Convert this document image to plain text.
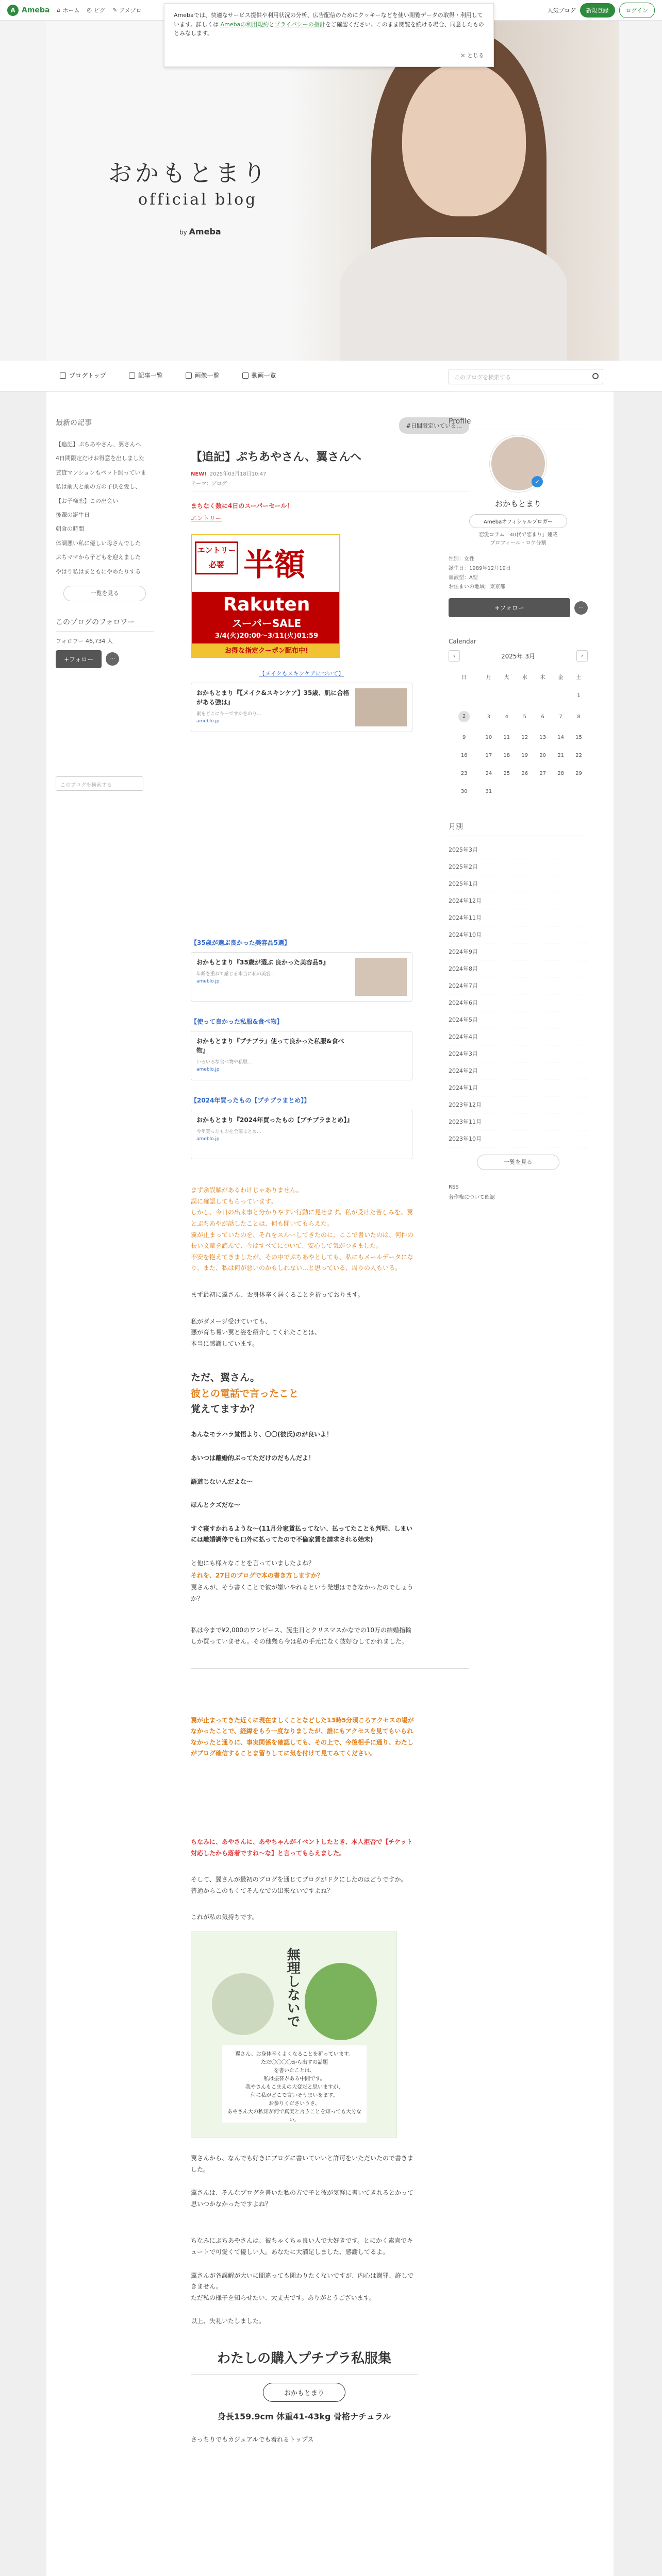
A Ameba ⌂ ホーム ◎ ピグ ✎ アメブロ	人気ブログ	新規登録	ログイン
おかもとまり
official blog
by Ameba
Amebaでは、快適なサービス提供や利用状況の分析、広告配信のためにクッキーなどを使い閲覧データの取得・利用しています。詳しくは Amebaの利用規約とプライバシーの指針をご確認ください。このまま閲覧を続ける場合、同意したものとみなします。
× とじる
ブログトップ	記事一覧	画像一覧	動画一覧	このブログを検索する
最新の記事
【追記】ぷちあやさん、翼さんへ
4日間限定だけお得意を出しました
賃貸マンションもペット飼っていま
私は前夫と前の方の子供を愛し、
【お子様恋】この出会い
後輩の誕生日
朝食の時間
体調悪い私に優しい母さんでした
ぷちママから子どもを迎えました
やはり私はまともにやめたりする
一覧を見る
このブログのフォロワー
フォロワー 46,734 人
+フォロー	⋯
このブログを検索する
#日間限定いている…
【追記】ぷちあやさん、翼さんへ
NEW! 2025年03月18日10:47
テーマ：ブログ
まちなく数に4日のスーパーセール！
エントリー
エントリー必要 半額
Rakuten
スーパーSALE
3/4(火)20:00〜3/11(火)01:59
お得な指定クーポン配布中!
【メイクもスキンケアについて】
おかもとまり『【メイク&スキンケア】35歳、肌に合格がある強は』
素をどこにキーですかをのり...
ameblo.jp
【35歳が選ぶ良かった美容品5選】
おかもとまり『35歳が選ぶ 良かった美容品5』
年齢を重ねて感じる本当に私の美容...
ameblo.jp
【使って良かった私服&食べ物】
おかもとまり『プチプラ』使って良かった私服&食べ物』
いろいろな食べ物や私服...
ameblo.jp
【2024年買ったもの【プチプラまとめ】】
おかもとまり『2024年買ったもの【プチプラまとめ】』
今年買ったものを全部まとめ...
ameblo.jp
まず余誤解があるわけじゃありません。
誤に確認してもらっています。
しかし、今日の出来事と分かりやすい行動に見せます。私が受けた苦しみを、翼とぷちあやが話したことは、何も聞いてもらえた。
翼が止まっていたのを、それをスルーしてきたのに、ここで書いたのは、何件の長い文章を読んで、今はすべてについて、安心して気がつきました。
不安を抱えてきましたが、その中でぷちあやとしても、私にもメールデータになり、また、私は何が悪いのかもしれない…と思っている、周りの人もいる。
まず最初に翼さん、お身体辛く居くることを祈っております。
私がダメージ受けていても、
悪が育ち易い翼と姿を紹介してくれたことは、
本当に感謝しています。
ただ、翼さん。
彼との電話で言ったこと
覚えてますか？
あんなモラハラ覚悟より、〇〇(彼氏)のが良いよ！
あいつは離婚的ぶってただけのだもんだよ！
語道じないんだよな〜
ほんとクズだな〜
すぐ寝すかれるような〜(11月分家賃払ってない、払ってたことも判明、しまいには離婚調停でも口外に払ってたので不倫家賃を請求される始末)
と他にも様々なことを言っていましたよね？
それを、27日のブログで本の書き方しますか？
翼さんが、そう書くことで彼が嫌いやれるという発想はできなかったのでしょうか？
私は今まで¥2,000のワンピース、誕生日とクリスマスかなでの10万の結婚指輪しか買っていません。その他幾ら今は私の手元になく彼好むしてかれました。
翼が止まってきた近くに現在ましくことなどした13時5分頃ころアクセスの場がなかったことで、経緯をもう一度なりましたが、誰にもアクセスを見てもいられなかったと通りに、事実関係を確認しても、その上で、今後相手に通り、わたしがブログ確信することま留りしてに気を付けて見てみてください。
ちなみに、あやさんに、あやちゃんがイベントしたとき、本人拒否で【チケット対応したから落着ですね〜な】と言ってもらえました。
そして、翼さんが最初のブログを通じてブログがドクにしたのはどうですか。
普通からこのもくてそんなでの出来ないですよね？
これが私の気持ちです。
無理しないで
翼さん、お身体辛くよくなることを祈っています。
ただ〇〇〇〇から出すの話題
を書いたことは、
私は振替がある中間です。
我やさんもこまえの大変だと思いますが、
何に私がどこで言いそうまいをます。
お参りくださいうさ、
あやさん大の私知が何で真実と言うことを知っても大分ない。
翼さんから、なんでも好きにブログに書いていいと許可をいただいたので書きました。
翼さんは、そんなブログを書いた私の方で子と彼が気軽に書いてきれるとかって思いつかなかったですよね？
ちなみにぷちあやさんは、彼ちゃくちゃ良い人で大好きです。とにかく素直でキュートで可愛くて優しい人。あなたに大満足しました、感謝してるよ。
翼さんが各誤解が大いに間違っても関わりたくないですが、内心は謝罪、許しできません。
ただ私の様子を知らせたい、大丈夫です。ありがとうございます。
以上、失礼いたしました。
わたしの購入プチプラ私服集
おかもとまり
身長159.9cm 体重41-43kg 骨格ナチュラル
さっちりでもカジュアルでも着れるトップス
Profile
✓
おかもとまり
Amebaオフィシャルブロガー
恋愛コラム「40代で恋まり」連載
プロフィール・ロケ分割
性別：女性
誕生日：1989年12月19日
血液型：A型
お住まいの地域：東京都
+フォロー	⋯
Calendar
‹	2025年 3月	›
日	月	火	水	木	金	土
						1
2	3	4	5	6	7	8
9	10	11	12	13	14	15
16	17	18	19	20	21	22
23	24	25	26	27	28	29
30	31					
月別
2025年3月
2025年2月
2025年1月
2024年12月
2024年11月
2024年10月
2024年9月
2024年8月
2024年7月
2024年6月
2024年5月
2024年4月
2024年3月
2024年2月
2024年1月
2023年12月
2023年11月
2023年10月
一覧を見る
RSS
著作権について確認
